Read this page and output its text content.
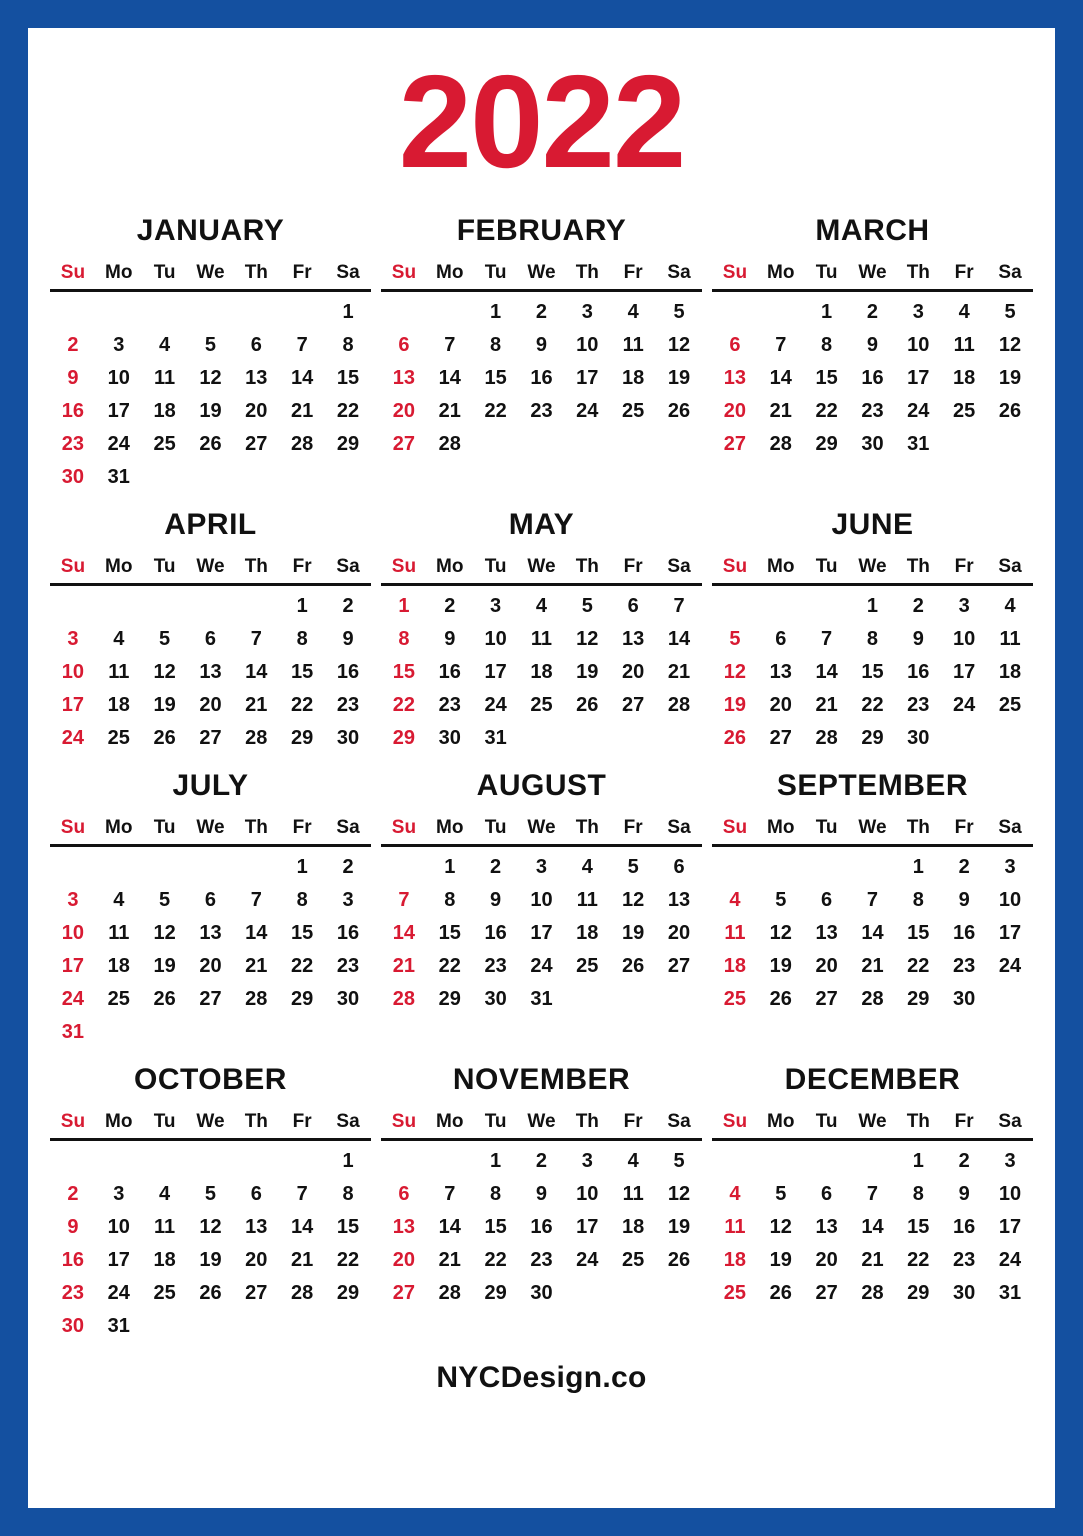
2022
JANUARY
Su	Mo	Tu	We	Th	Fr	Sa
						1
2	3	4	5	6	7	8
9	10	11	12	13	14	15
16	17	18	19	20	21	22
23	24	25	26	27	28	29
30	31					
FEBRUARY
Su	Mo	Tu	We	Th	Fr	Sa
		1	2	3	4	5
6	7	8	9	10	11	12
13	14	15	16	17	18	19
20	21	22	23	24	25	26
27	28					
MARCH
Su	Mo	Tu	We	Th	Fr	Sa
		1	2	3	4	5
6	7	8	9	10	11	12
13	14	15	16	17	18	19
20	21	22	23	24	25	26
27	28	29	30	31		
APRIL
Su	Mo	Tu	We	Th	Fr	Sa
					1	2
3	4	5	6	7	8	9
10	11	12	13	14	15	16
17	18	19	20	21	22	23
24	25	26	27	28	29	30
MAY
Su	Mo	Tu	We	Th	Fr	Sa
1	2	3	4	5	6	7
8	9	10	11	12	13	14
15	16	17	18	19	20	21
22	23	24	25	26	27	28
29	30	31				
JUNE
Su	Mo	Tu	We	Th	Fr	Sa
			1	2	3	4
5	6	7	8	9	10	11
12	13	14	15	16	17	18
19	20	21	22	23	24	25
26	27	28	29	30		
JULY
Su	Mo	Tu	We	Th	Fr	Sa
					1	2
3	4	5	6	7	8	3
10	11	12	13	14	15	16
17	18	19	20	21	22	23
24	25	26	27	28	29	30
31						
AUGUST
Su	Mo	Tu	We	Th	Fr	Sa
	1	2	3	4	5	6
7	8	9	10	11	12	13
14	15	16	17	18	19	20
21	22	23	24	25	26	27
28	29	30	31			
SEPTEMBER
Su	Mo	Tu	We	Th	Fr	Sa
				1	2	3
4	5	6	7	8	9	10
11	12	13	14	15	16	17
18	19	20	21	22	23	24
25	26	27	28	29	30	
OCTOBER
Su	Mo	Tu	We	Th	Fr	Sa
						1
2	3	4	5	6	7	8
9	10	11	12	13	14	15
16	17	18	19	20	21	22
23	24	25	26	27	28	29
30	31					
NOVEMBER
Su	Mo	Tu	We	Th	Fr	Sa
		1	2	3	4	5
6	7	8	9	10	11	12
13	14	15	16	17	18	19
20	21	22	23	24	25	26
27	28	29	30			
DECEMBER
Su	Mo	Tu	We	Th	Fr	Sa
				1	2	3
4	5	6	7	8	9	10
11	12	13	14	15	16	17
18	19	20	21	22	23	24
25	26	27	28	29	30	31
NYCDesign.co
